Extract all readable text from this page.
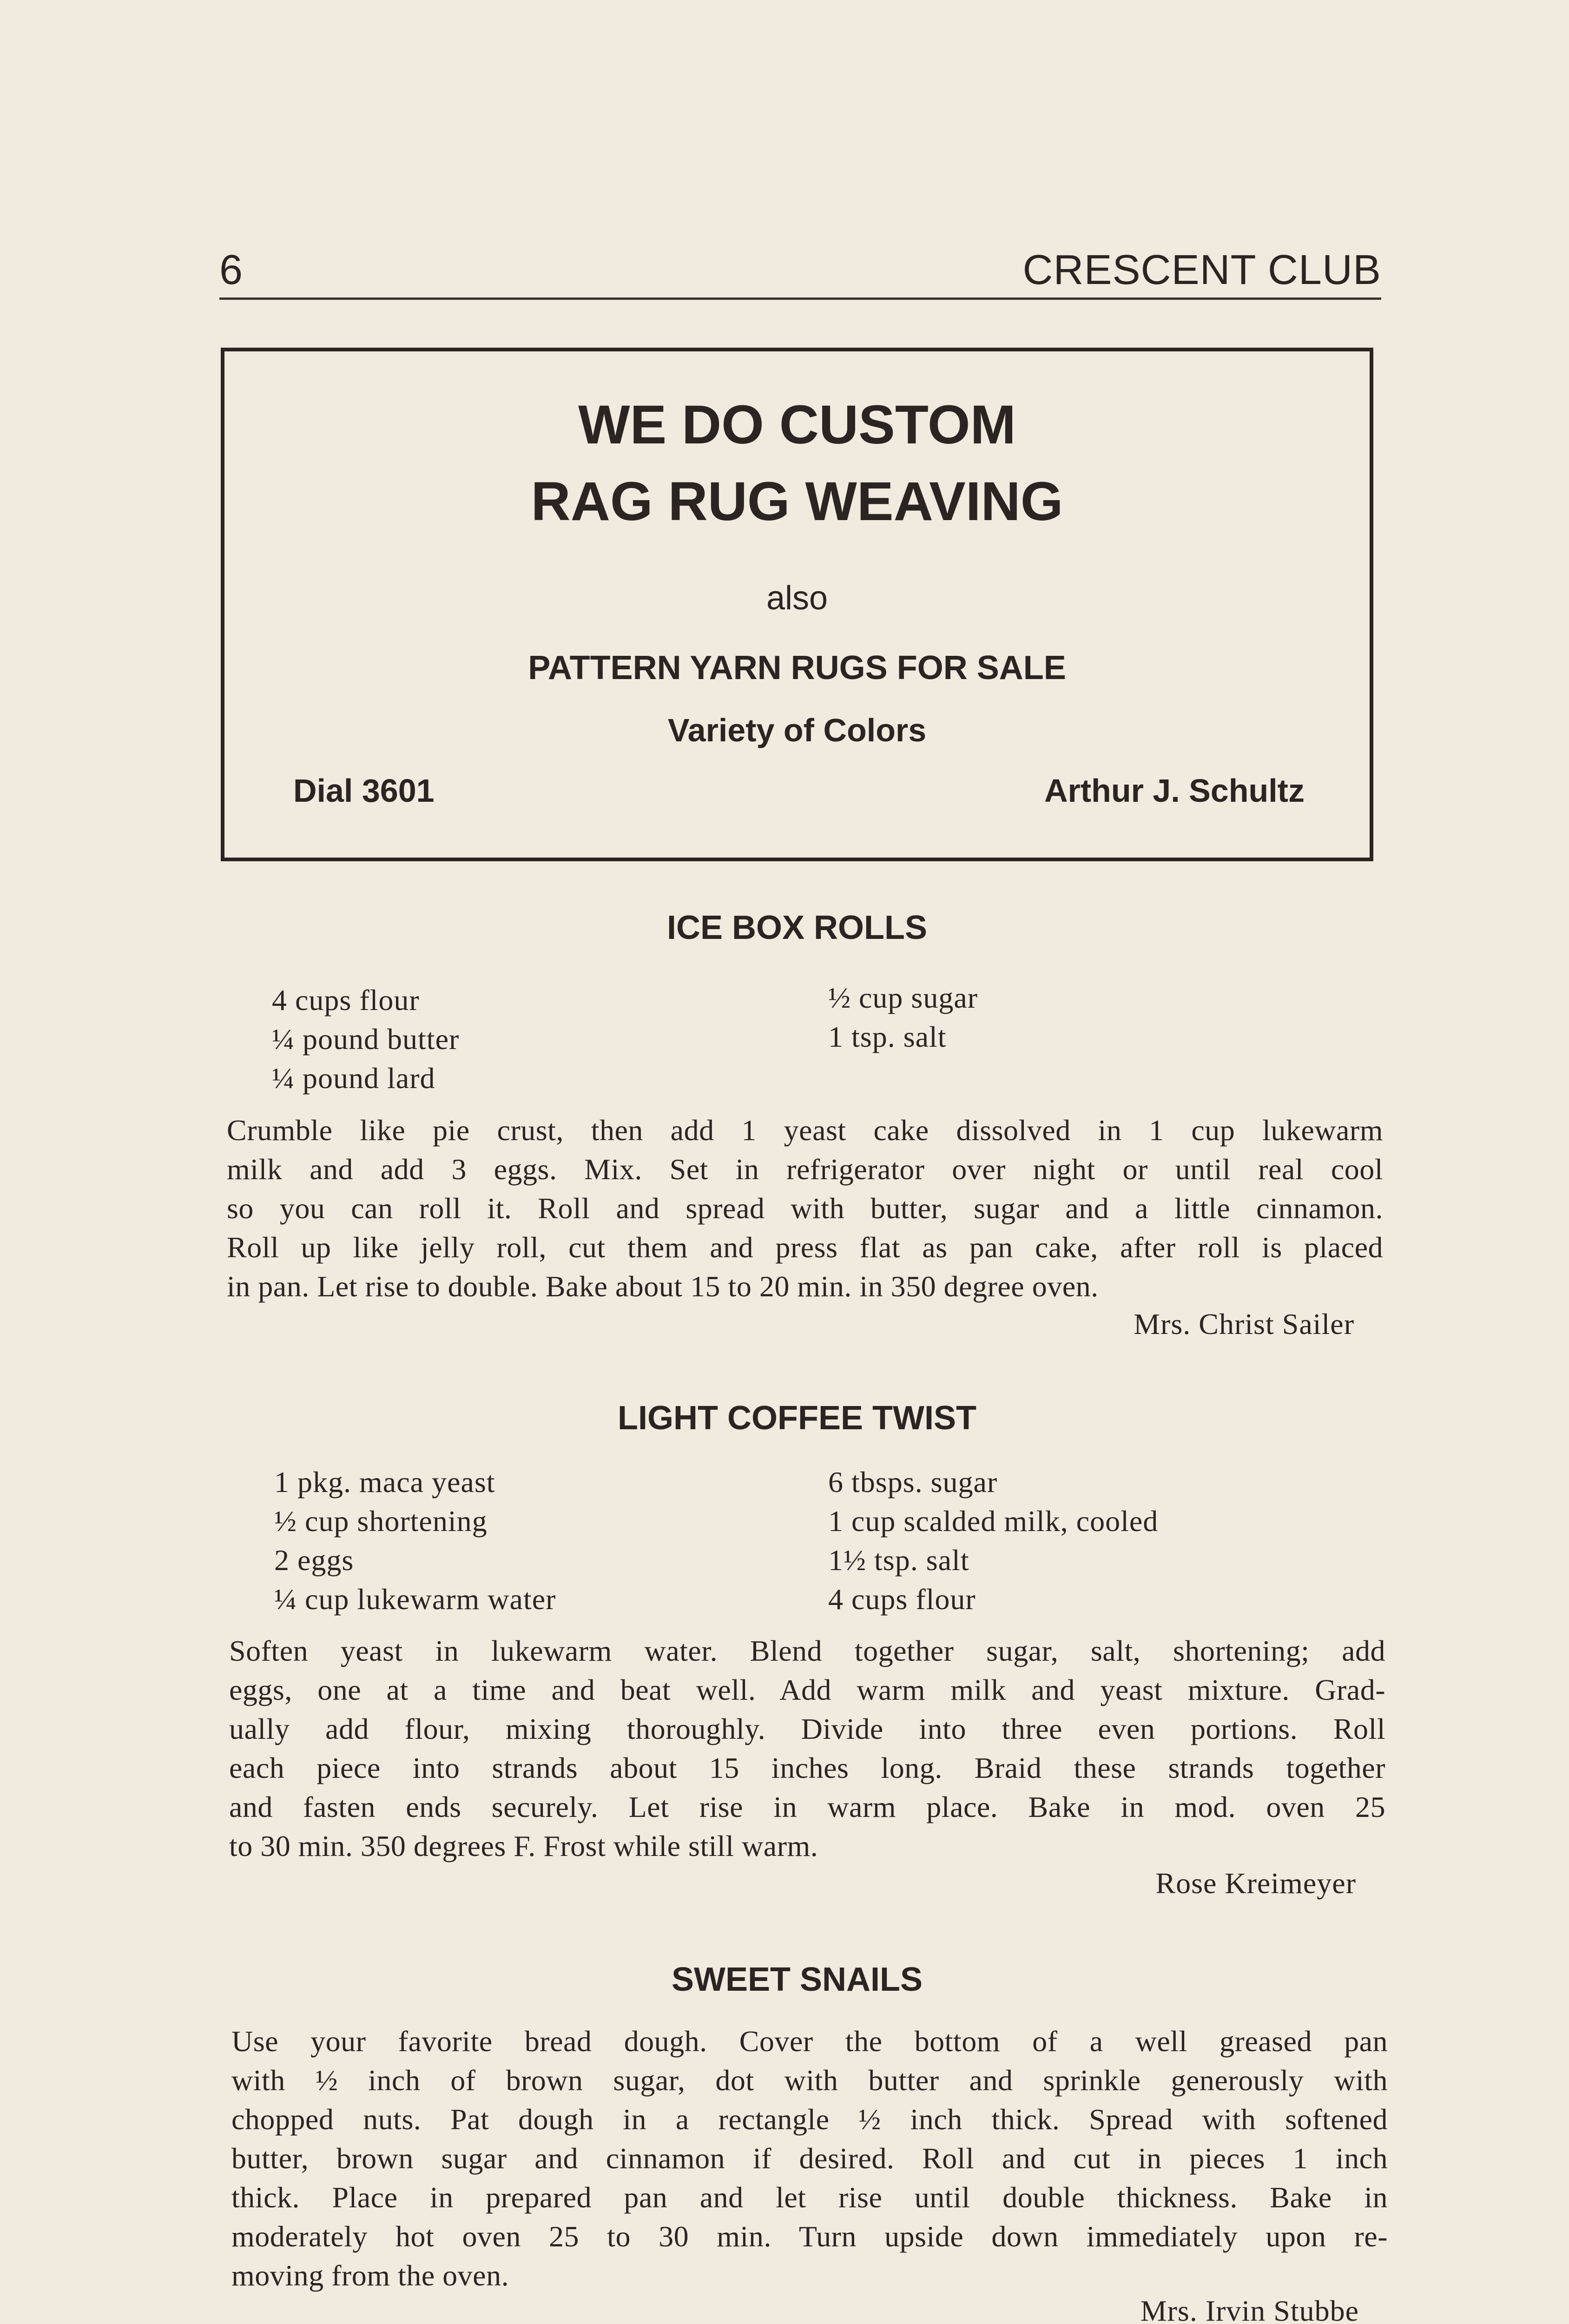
6	CRESCENT CLUB
WE DO CUSTOM
RAG RUG WEAVING
also
PATTERN YARN RUGS FOR SALE
Variety of Colors
Dial 3601	Arthur J. Schultz
ICE BOX ROLLS
4 cups flour
¼ pound butter
¼ pound lard
½ cup sugar
1 tsp. salt
Crumble like pie crust, then add 1 yeast cake dissolved in 1 cup lukewarm
milk and add 3 eggs. Mix. Set in refrigerator over night or until real cool
so you can roll it. Roll and spread with butter, sugar and a little cinnamon.
Roll up like jelly roll, cut them and press flat as pan cake, after roll is placed
in pan. Let rise to double. Bake about 15 to 20 min. in 350 degree oven.
Mrs. Christ Sailer
LIGHT COFFEE TWIST
1 pkg. maca yeast
½ cup shortening
2 eggs
¼ cup lukewarm water
6 tbsps. sugar
1 cup scalded milk, cooled
1½ tsp. salt
4 cups flour
Soften yeast in lukewarm water. Blend together sugar, salt, shortening; add
eggs, one at a time and beat well. Add warm milk and yeast mixture. Grad-
ually add flour, mixing thoroughly. Divide into three even portions. Roll
each piece into strands about 15 inches long. Braid these strands together
and fasten ends securely. Let rise in warm place. Bake in mod. oven 25
to 30 min. 350 degrees F. Frost while still warm.
Rose Kreimeyer
SWEET SNAILS
Use your favorite bread dough. Cover the bottom of a well greased pan
with ½ inch of brown sugar, dot with butter and sprinkle generously with
chopped nuts. Pat dough in a rectangle ½ inch thick. Spread with softened
butter, brown sugar and cinnamon if desired. Roll and cut in pieces 1 inch
thick. Place in prepared pan and let rise until double thickness. Bake in
moderately hot oven 25 to 30 min. Turn upside down immediately upon re-
moving from the oven.
Mrs. Irvin Stubbe
